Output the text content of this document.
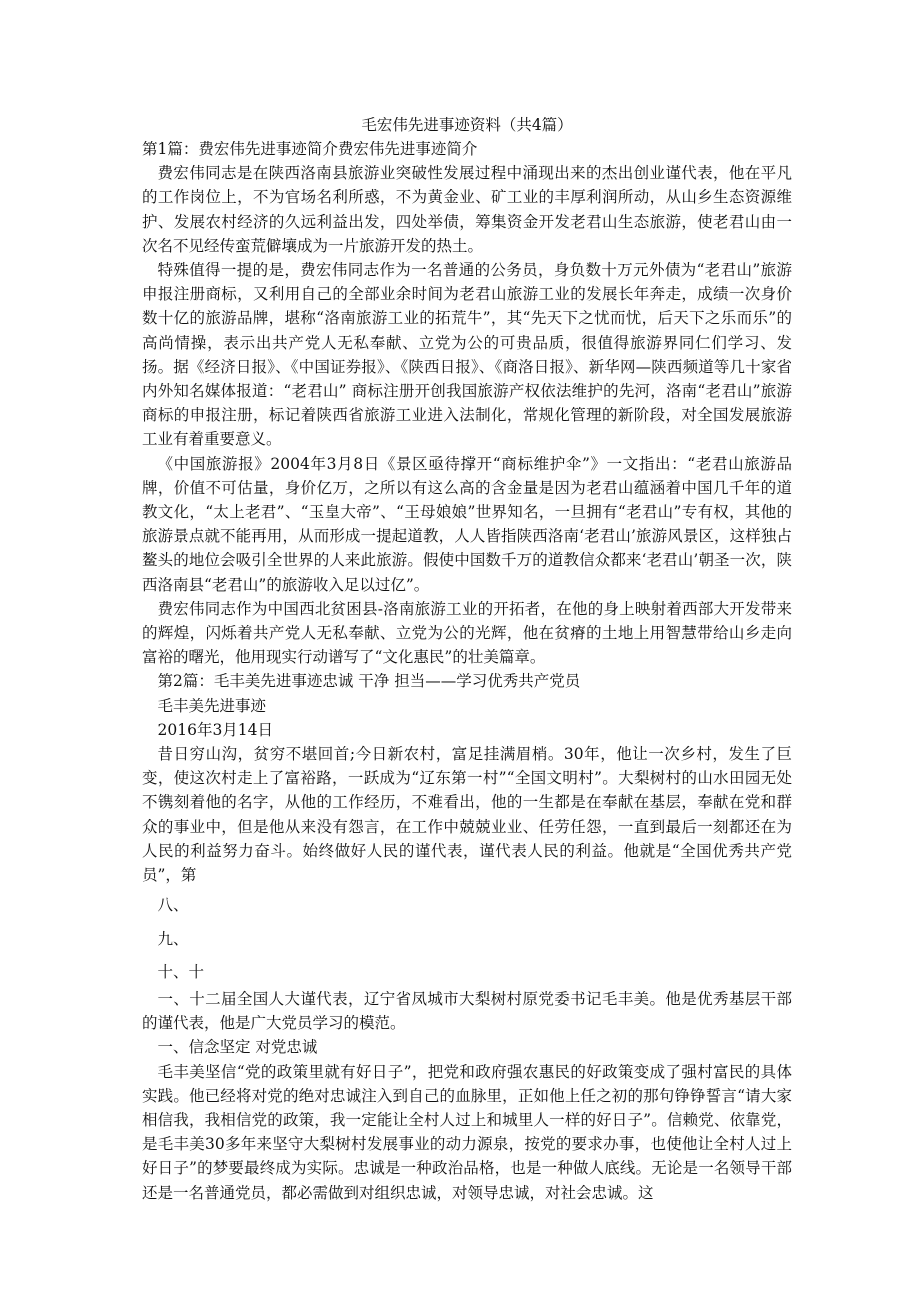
毛宏伟先进事迹资料（共4篇）

第1篇：费宏伟先进事迹简介费宏伟先进事迹简介

费宏伟同志是在陕西洛南县旅游业突破性发展过程中涌现出来的杰出创业谨代表，他在平凡的工作岗位上，不为官场名利所惑，不为黄金业、矿工业的丰厚利润所动，从山乡生态资源维护、发展农村经济的久远利益出发，四处举债，筹集资金开发老君山生态旅游，使老君山由一次名不见经传蛮荒僻壤成为一片旅游开发的热土。

特殊值得一提的是，费宏伟同志作为一名普通的公务员，身负数十万元外债为“老君山”旅游申报注册商标，又利用自己的全部业余时间为老君山旅游工业的发展长年奔走，成绩一次身价数十亿的旅游品牌，堪称“洛南旅游工业的拓荒牛”，其“先天下之忧而忧，后天下之乐而乐”的高尚情操，表示出共产党人无私奉献、立党为公的可贵品质，很值得旅游界同仁们学习、发扬。据《经济日报》、《中国证券报》、《陕西日报》、《商洛日报》、新华网—陕西频道等几十家省内外知名媒体报道：“老君山” 商标注册开创我国旅游产权依法维护的先河，洛南“老君山”旅游商标的申报注册，标记着陕西省旅游工业进入法制化，常规化管理的新阶段，对全国发展旅游工业有着重要意义。

《中国旅游报》2004年3月8日《景区亟待撑开“商标维护伞”》一文指出：“老君山旅游品牌，价值不可估量，身价亿万，之所以有这么高的含金量是因为老君山蕴涵着中国几千年的道教文化，“太上老君”、“玉皇大帝”、“王母娘娘”世界知名，一旦拥有“老君山”专有权，其他的旅游景点就不能再用，从而形成一提起道教，人人皆指陕西洛南‘老君山’旅游风景区，这样独占鳌头的地位会吸引全世界的人来此旅游。假使中国数千万的道教信众都来‘老君山’朝圣一次，陕西洛南县“老君山”的旅游收入足以过亿”。

费宏伟同志作为中国西北贫困县-洛南旅游工业的开拓者，在他的身上映射着西部大开发带来的辉煌，闪烁着共产党人无私奉献、立党为公的光辉，他在贫瘠的土地上用智慧带给山乡走向富裕的曙光，他用现实行动谱写了“文化惠民”的壮美篇章。

第2篇：毛丰美先进事迹忠诚 干净 担当——学习优秀共产党员

毛丰美先进事迹

2016年3月14日

昔日穷山沟，贫穷不堪回首;今日新农村，富足挂满眉梢。30年，他让一次乡村，发生了巨变，使这次村走上了富裕路，一跃成为“辽东第一村”“全国文明村”。大梨树村的山水田园无处不镌刻着他的名字，从他的工作经历，不难看出，他的一生都是在奉献在基层，奉献在党和群众的事业中，但是他从来没有怨言，在工作中兢兢业业、任劳任怨，一直到最后一刻都还在为人民的利益努力奋斗。始终做好人民的谨代表，谨代表人民的利益。他就是“全国优秀共产党员”，第

八、

九、

十、十

一、十二届全国人大谨代表，辽宁省凤城市大梨树村原党委书记毛丰美。他是优秀基层干部的谨代表，他是广大党员学习的模范。

一、信念坚定 对党忠诚

毛丰美坚信“党的政策里就有好日子”，把党和政府强农惠民的好政策变成了强村富民的具体实践。他已经将对党的绝对忠诚注入到自己的血脉里，正如他上任之初的那句铮铮誓言“请大家相信我，我相信党的政策，我一定能让全村人过上和城里人一样的好日子”。信赖党、依靠党，是毛丰美30多年来坚守大梨树村发展事业的动力源泉，按党的要求办事，也使他让全村人过上好日子”的梦要最终成为实际。忠诚是一种政治品格，也是一种做人底线。无论是一名领导干部还是一名普通党员，都必需做到对组织忠诚，对领导忠诚，对社会忠诚。这
